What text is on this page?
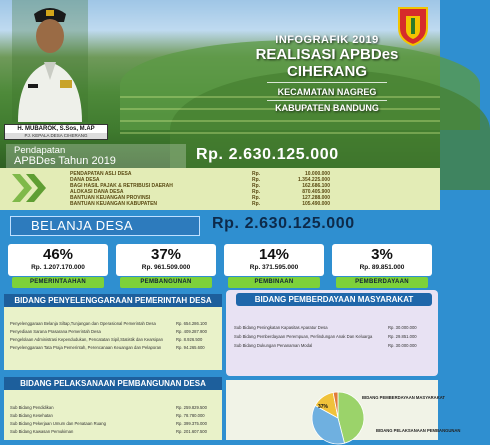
H. MUBAROK, S.Sos, M.AP
PJ. KEPALA DESA CIHERANG
INFOGRAFIK 2019
REALISASI APBDes
CIHERANG
KECAMATAN NAGREG
KABUPATEN BANDUNG
Pendapatan
APBDes Tahun 2019	Rp. 2.630.125.000
PENDAPATAN ASLI DESA	Rp.	10.000.000
DANA DESA	Rp.	1.354.225.000
BAGI HASIL PAJAK & RETRIBUSI DAERAH	Rp.	162.686.100
ALOKASI DANA DESA	Rp.	870.405.900
BANTUAN KEUANGAN PROVINSI	Rp.	127.288.000
BANTUAN KEUANGAN KABUPATEN	Rp.	105.490.000
BELANJA DESA	Rp. 2.630.125.000
46%
Rp. 1.207.170.000
PEMERINTAAHAN
37%
Rp. 961.509.000
PEMBANGUNAN
14%
Rp. 371.595.000
PEMBINAAN
3%
Rp. 89.851.000
PEMBERDAYAAN
Penyelenggaraan Belanja Siltap,Tunjangan dan Operasional Pemerintah Desa	Rp. 654.286.100
Penyediaan Sarana Prasarana Pemerintah Desa	Rp. 409.287.900
Pengelolaan Administrasi Kependudukan, Pencatatan Sipil,Statistik dan Kearsipan	Rp. 8.926.500
Penyelenggaraan Tata Praja Pemerintah, Perencanaan Keuangan dan Pelaporan	Rp. 94.265.600
BIDANG PENYELENGGARAAN PEMERINTAH DESA
Sub Bidang Peningkatan Kapasitas Aparatur Desa	Rp. 30.000.000
Sub Bidang Pemberdayaan Perempuan, Perlindungan Anak Dan Keluarga	Rp. 29.851.000
Sub Bidang Dukungan Penanaman Modal	Rp. 30.000.000
BIDANG PEMBERDAYAAN MASYARAKAT
Sub Bidang Pendidikan	Rp. 259.829.500
Sub Bidang Kesehatan	Rp. 78.780.000
Sub Bidang Pekerjaan Umum dan Penataan Ruang	Rp. 399.375.000
Sub Bidang Kawasan Pemukiman	Rp. 201.607.500
BIDANG PELAKSANAAN PEMBANGUNAN DESA
37%
BIDANG PEMBERDAYAAN MASYARAKAT
BIDANG PELAKSANAAN PEMBANGUNAN
